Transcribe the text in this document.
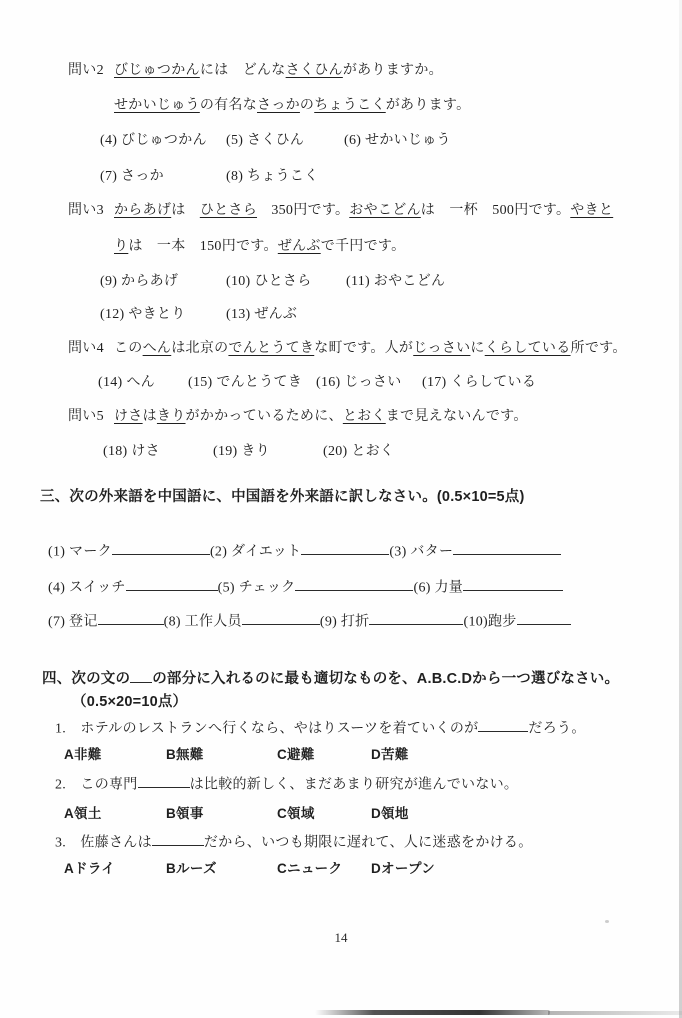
問い2 びじゅつかんには　どんなさくひんがありますか。
せかいじゅうの有名なさっかのちょうこくがあります。
(4) びじゅつかん (5) さくひん	(6) せかいじゅう
(7) さっか	(8) ちょうこく
問い3 からあげは　ひとさら　350円です。おやこどんは　一杯　500円です。やきと
りは　一本　150円です。ぜんぶで千円です。
(9) からあげ	(10) ひとさら (11) おやこどん
(12) やきとり	(13) ぜんぶ
問い4 このへんは北京のでんとうてきな町です。人がじっさいにくらしている所です。
(14) へん (15) でんとうてき (16) じっさい (17) くらしている
問い5 けさはきりがかかっているために、とおくまで見えないんです。
(18) けさ	(19) きり	(20) とおく
三、次の外来語を中国語に、中国語を外来語に訳しなさい。(0.5×10=5点)
(1) マーク	(2) ダイエット	(3) バター
(4) スイッチ	(5) チェック	(6) 力量
(7) 登记	(8) 工作人员	(9) 打折	(10)跑步
四、次の文の の部分に入れるのに最も適切なものを、A.B.C.Dから一つ選びなさい。
（0.5×20=10点）
1.　ホテルのレストランへ行くなら、やはりスーツを着ていくのが	だろう。
A非難	B無難	C避難	D苦難
2.　この専門	は比較的新しく、まだあまり研究が進んでいない。
A領土	B領事	C領域	D領地
3.　佐藤さんは	だから、いつも期限に遅れて、人に迷惑をかける。
Aドライ	Bルーズ	Cニューク Dオープン
14
